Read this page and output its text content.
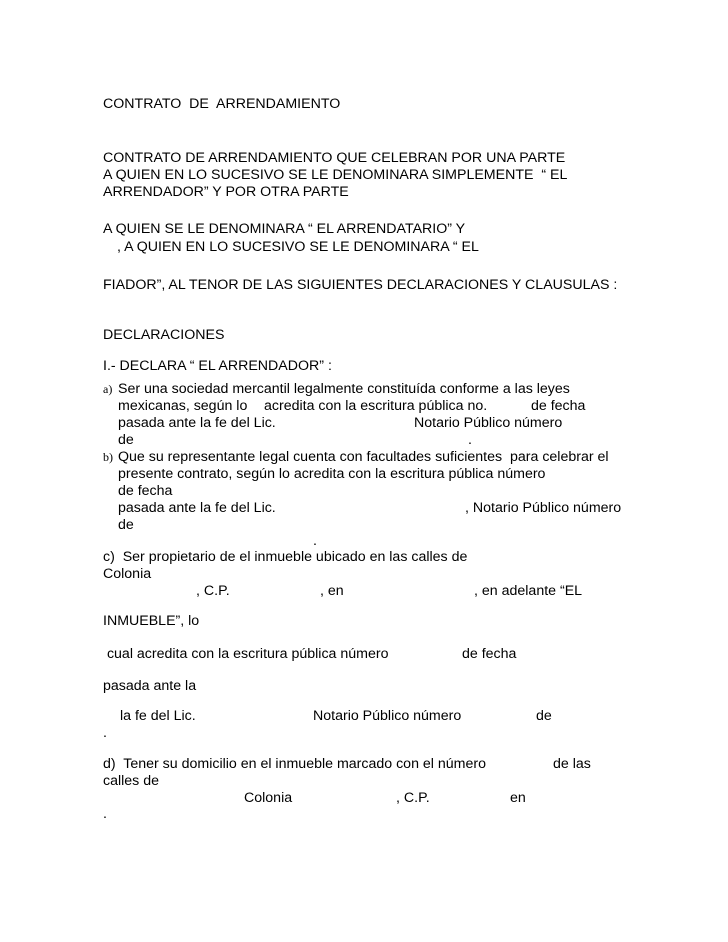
CONTRATO  DE  ARRENDAMIENTO
CONTRATO DE ARRENDAMIENTO QUE CELEBRAN POR UNA PARTE
A QUIEN EN LO SUCESIVO SE LE DENOMINARA SIMPLEMENTE  “ EL
ARRENDADOR” Y POR OTRA PARTE
A QUIEN SE LE DENOMINARA “ EL ARRENDATARIO” Y
, A QUIEN EN LO SUCESIVO SE LE DENOMINARA “ EL
FIADOR”, AL TENOR DE LAS SIGUIENTES DECLARACIONES Y CLAUSULAS :
DECLARACIONES
I.- DECLARA “ EL ARRENDADOR” :
a) Ser una sociedad mercantil legalmente constituída conforme a las leyes
mexicanas, según lo acredita con la escritura pública no.	de fecha
pasada ante la fe del Lic.	Notario Público número
de	.
b) Que su representante legal cuenta con facultades suficientes  para celebrar el
presente contrato, según lo acredita con la escritura pública número
de fecha
pasada ante la fe del Lic.	, Notario Público número
de
.
c)  Ser propietario de el inmueble ubicado en las calles de
Colonia
, C.P.	, en	, en adelante “EL
INMUEBLE”, lo
cual acredita con la escritura pública número	de fecha
pasada ante la
la fe del Lic.	Notario Público número	de
.
d)  Tener su domicilio en el inmueble marcado con el número	de las
calles de
Colonia	, C.P.	en
.
